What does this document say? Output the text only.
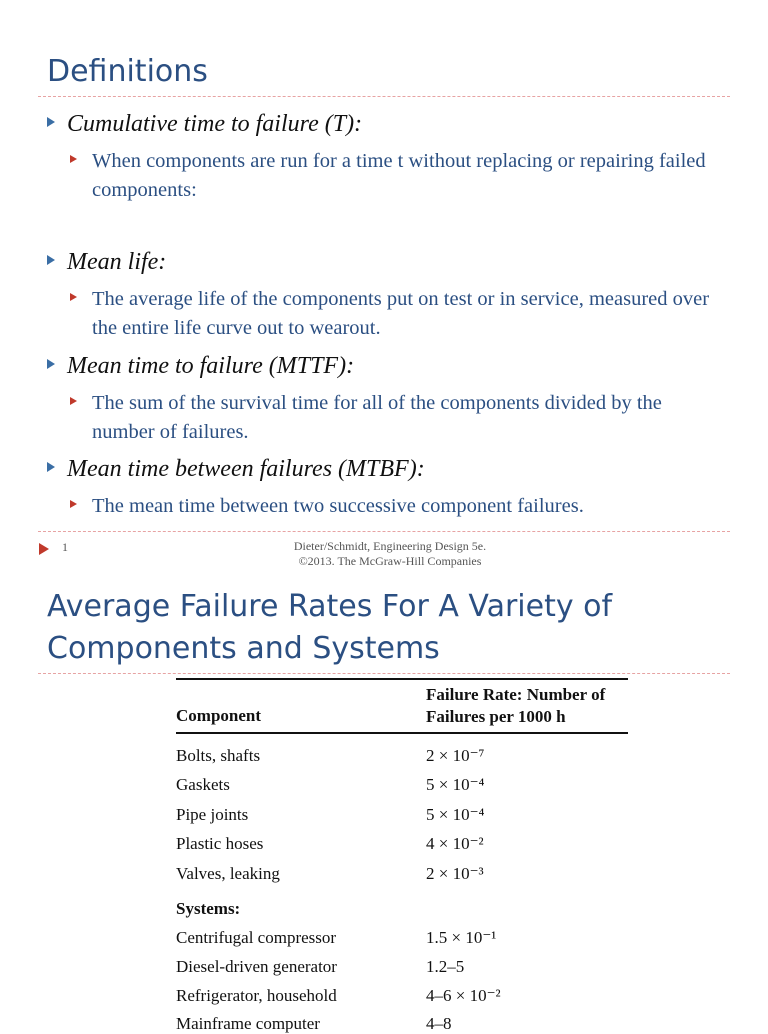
Definitions
Cumulative time to failure (T):
When components are run for a time t without replacing or repairing failed components:
Mean life:
The average life of the components put on test or in service, measured over the entire life curve out to wearout.
Mean time to failure (MTTF):
The sum of the survival time for all of the components divided by the number of failures.
Mean time between failures (MTBF):
The mean time between two successive component failures.
1	Dieter/Schmidt, Engineering Design 5e.
©2013. The McGraw-Hill Companies
Average Failure Rates For A Variety of Components and Systems
Component
Failure Rate: Number of
Failures per 1000 h
Bolts, shafts	2 × 10⁻⁷
Gaskets	5 × 10⁻⁴
Pipe joints	5 × 10⁻⁴
Plastic hoses	4 × 10⁻²
Valves, leaking	2 × 10⁻³
Systems:
Centrifugal compressor	1.5 × 10⁻¹
Diesel-driven generator	1.2–5
Refrigerator, household	4–6 × 10⁻²
Mainframe computer	4–8
